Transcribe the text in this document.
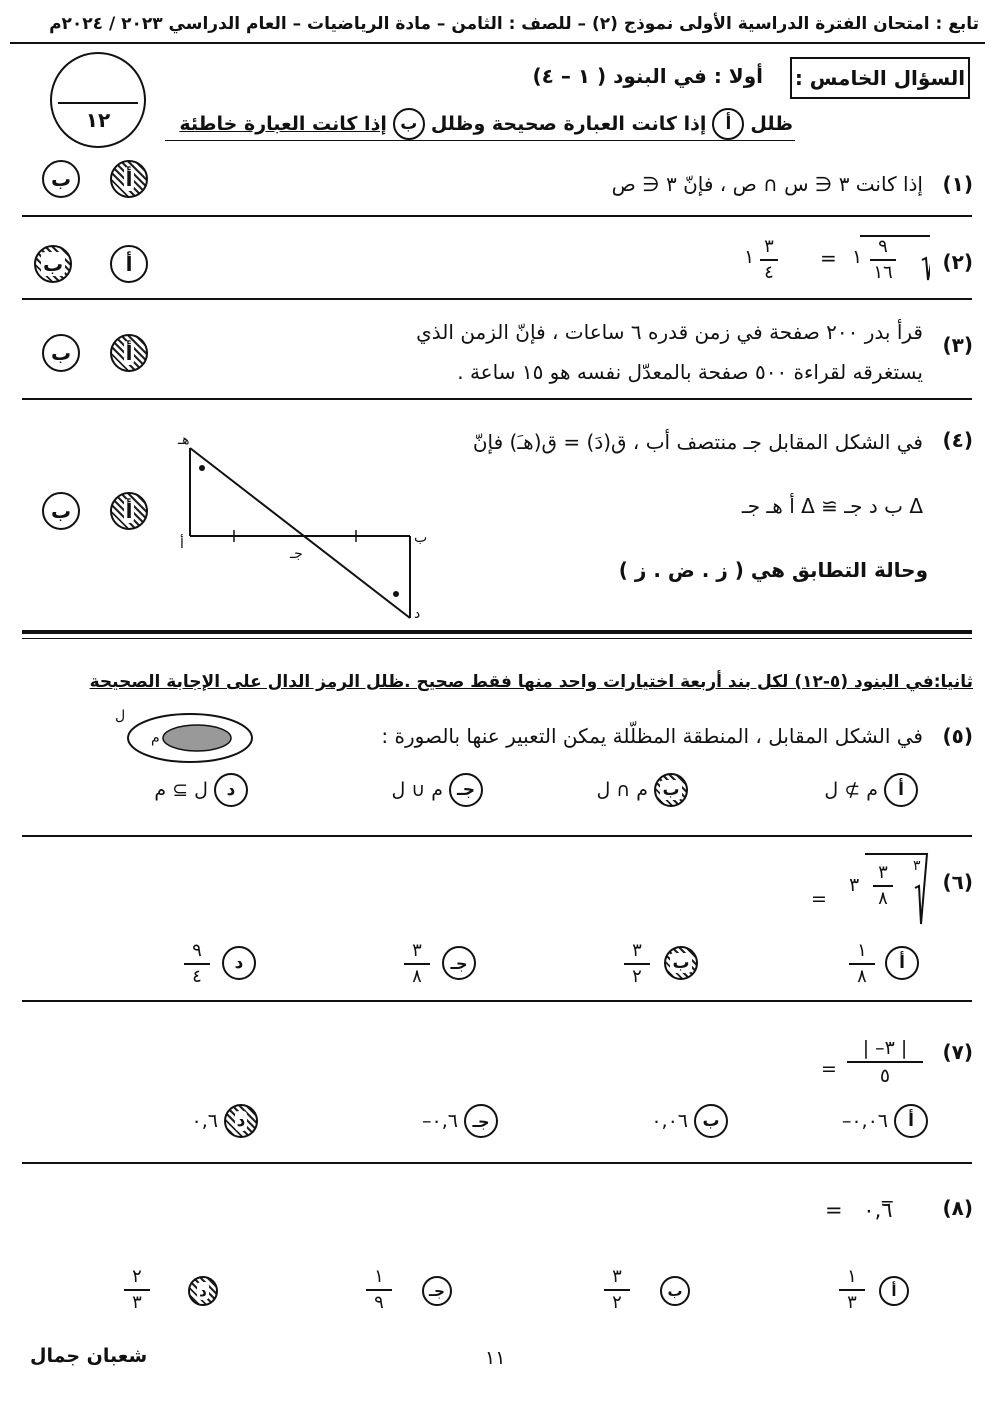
تابع : امتحان الفترة الدراسية الأولى نموذج (٢) – للصف : الثامن – مادة الرياضيات – العام الدراسي ٢٠٢٣ / ٢٠٢٤م
١٢
السؤال الخامس :
أولا : في البنود ( ١ – ٤)
ظلل
أ
إذا كانت العبارة صحيحة وظلل
ب
إذا كانت العبارة خاطئة
(١)
إذا كانت ٣ ∈ س ∩ ص ، فإنّ ٣ ∈ ص
أ
ب
(٢)
٩
١٦
١
=
٣
٤
١
أ
ب
(٣)
قرأ بدر ٢٠٠ صفحة في زمن قدره ٦ ساعات ، فإنّ الزمن الذي
يستغرقه لقراءة ٥٠٠ صفحة بالمعدّل نفسه هو ١٥ ساعة .
أ
ب
(٤)
في الشكل المقابل جـ منتصف أب ، ق(دَ) = ق(هـَ) فإنّ
Δ ب د جـ ≅ Δ أ هـ جـ
وحالة التطابق هي ( ز . ض . ز )
هـ
أ
جـ
ب
د
أ
ب
ثانيا:في البنود (٥-١٢) لكل بند أربعة اختيارات واحد منها فقط صحيح .ظلل الرمز الدال على الإجابة الصحيحة
(٥)
في الشكل المقابل ، المنطقة المظلّلة يمكن التعبير عنها بالصورة :
ل
م
أ
م ⊅ ل
ب
م ∩ ل
جـ
م ∪ ل
د
ل ⊇ م
(٦)
٣
٣
٨
٣
=
أ
١
٨
ب
٣
٢
جـ
٣
٨
د
٩
٤
(٧)
| –٣ |
٥
=
أ
–٠,٠٦
ب
٠,٠٦
جـ
–٠,٦
د
٠,٦
(٨)
= ٠,٦̅
أ
١
٣
ب
٣
٢
جـ
١
٩
د
٢
٣
شعبان جمال	١١
